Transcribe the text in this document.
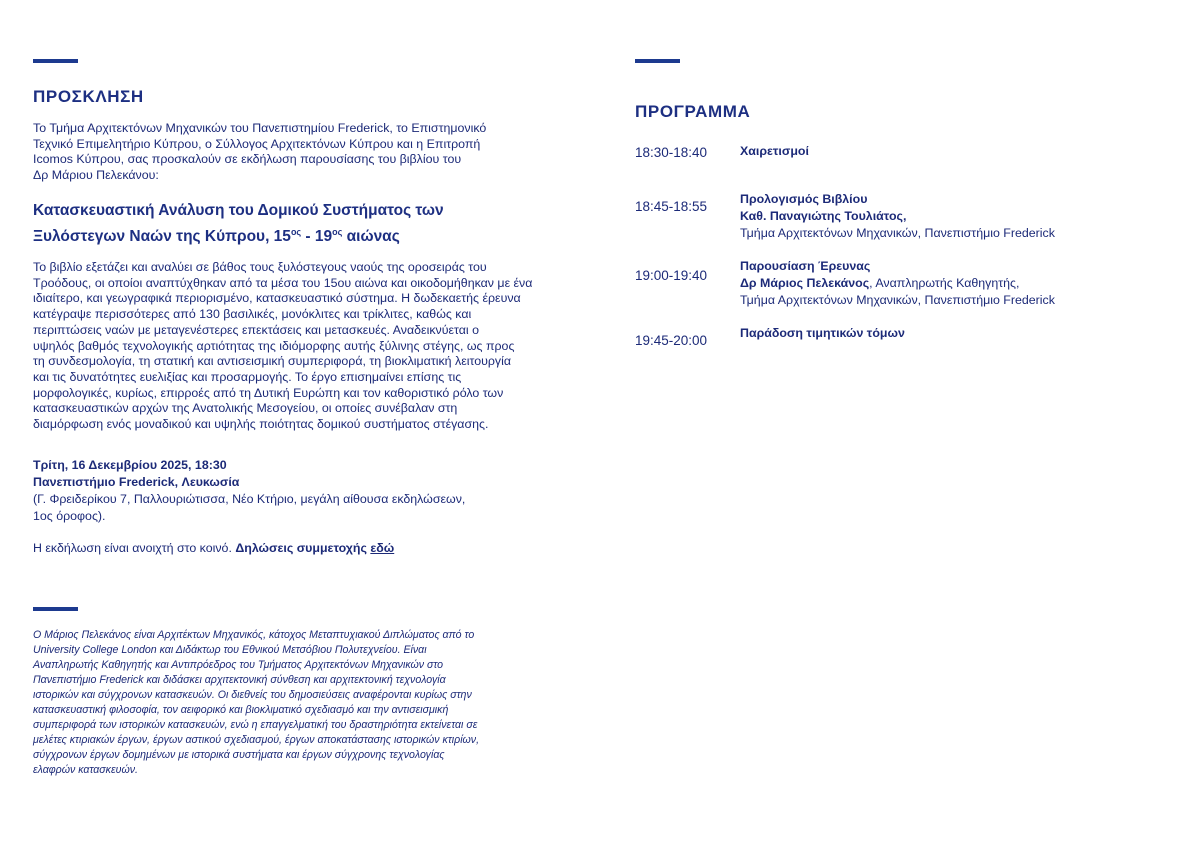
ΠΡΟΣΚΛΗΣΗ
Το Τμήμα Αρχιτεκτόνων Μηχανικών του Πανεπιστημίου Frederick, το Επιστημονικό
Τεχνικό Επιμελητήριο Κύπρου, ο Σύλλογος Αρχιτεκτόνων Κύπρου και η Επιτροπή
Icomos Κύπρου, σας προσκαλούν σε εκδήλωση παρουσίασης του βιβλίου του
Δρ Μάριου Πελεκάνου:
Κατασκευαστική Ανάλυση του Δομικού Συστήματος των
Ξυλόστεγων Ναών της Κύπρου, $15^{o\varsigma} - 19^{o\varsigma}$ αιώνας
Το βιβλίο εξετάζει και αναλύει σε βάθος τους ξυλόστεγους ναούς της οροσειράς του
Τροόδους, οι οποίοι αναπτύχθηκαν από τα μέσα του 15ου αιώνα και οικοδομήθηκαν με ένα
ιδιαίτερο, και γεωγραφικά περιορισμένο, κατασκευαστικό σύστημα. Η δωδεκαετής έρευνα
κατέγραψε περισσότερες από 130 βασιλικές, μονόκλιτες και τρίκλιτες, καθώς και
περιπτώσεις ναών με μεταγενέστερες επεκτάσεις και μετασκευές. Αναδεικνύεται ο
υψηλός βαθμός τεχνολογικής αρτιότητας της ιδιόμορφης αυτής ξύλινης στέγης, ως προς
τη συνδεσμολογία, τη στατική και αντισεισμική συμπεριφορά, τη βιοκλιματική λειτουργία
και τις δυνατότητες ευελιξίας και προσαρμογής. Το έργο επισημαίνει επίσης τις
μορφολογικές, κυρίως, επιρροές από τη Δυτική Ευρώπη και τον καθοριστικό ρόλο των
κατασκευαστικών αρχών της Ανατολικής Μεσογείου, οι οποίες συνέβαλαν στη
διαμόρφωση ενός μοναδικού και υψηλής ποιότητας δομικού συστήματος στέγασης.
Τρίτη, 16 Δεκεμβρίου 2025, 18:30
Πανεπιστήμιο Frederick, Λευκωσία
(Γ. Φρειδερίκου 7, Παλλουριώτισσα, Νέο Κτήριο, μεγάλη αίθουσα εκδηλώσεων,
1ος όροφος).
Η εκδήλωση είναι ανοιχτή στο κοινό. Δηλώσεις συμμετοχής εδώ
Ο Μάριος Πελεκάνος είναι Αρχιτέκτων Μηχανικός, κάτοχος Μεταπτυχιακού Διπλώματος από το
University College London και Διδάκτωρ του Εθνικού Μετσόβιου Πολυτεχνείου. Είναι
Αναπληρωτής Καθηγητής και Αντιπρόεδρος του Τμήματος Αρχιτεκτόνων Μηχανικών στο
Πανεπιστήμιο Frederick και διδάσκει αρχιτεκτονική σύνθεση και αρχιτεκτονική τεχνολογία
ιστορικών και σύγχρονων κατασκευών. Οι διεθνείς του δημοσιεύσεις αναφέρονται κυρίως στην
κατασκευαστική φιλοσοφία, τον αειφορικό και βιοκλιματικό σχεδιασμό και την αντισεισμική
συμπεριφορά των ιστορικών κατασκευών, ενώ η επαγγελματική του δραστηριότητα εκτείνεται σε
μελέτες κτιριακών έργων, έργων αστικού σχεδιασμού, έργων αποκατάστασης ιστορικών κτιρίων,
σύγχρονων έργων δομημένων με ιστορικά συστήματα και έργων σύγχρονης τεχνολογίας
ελαφρών κατασκευών.
ΠΡΟΓΡΑΜΜΑ
18:30-18:40	Χαιρετισμοί
18:45-18:55	Προλογισμός Βιβλίου
Καθ. Παναγιώτης Τουλιάτος,
Τμήμα Αρχιτεκτόνων Μηχανικών, Πανεπιστήμιο Frederick
19:00-19:40
Παρουσίαση Έρευνας
Δρ Μάριος Πελεκάνος, Αναπληρωτής Καθηγητής,
Τμήμα Αρχιτεκτόνων Μηχανικών, Πανεπιστήμιο Frederick
19:45-20:00	Παράδοση τιμητικών τόμων
